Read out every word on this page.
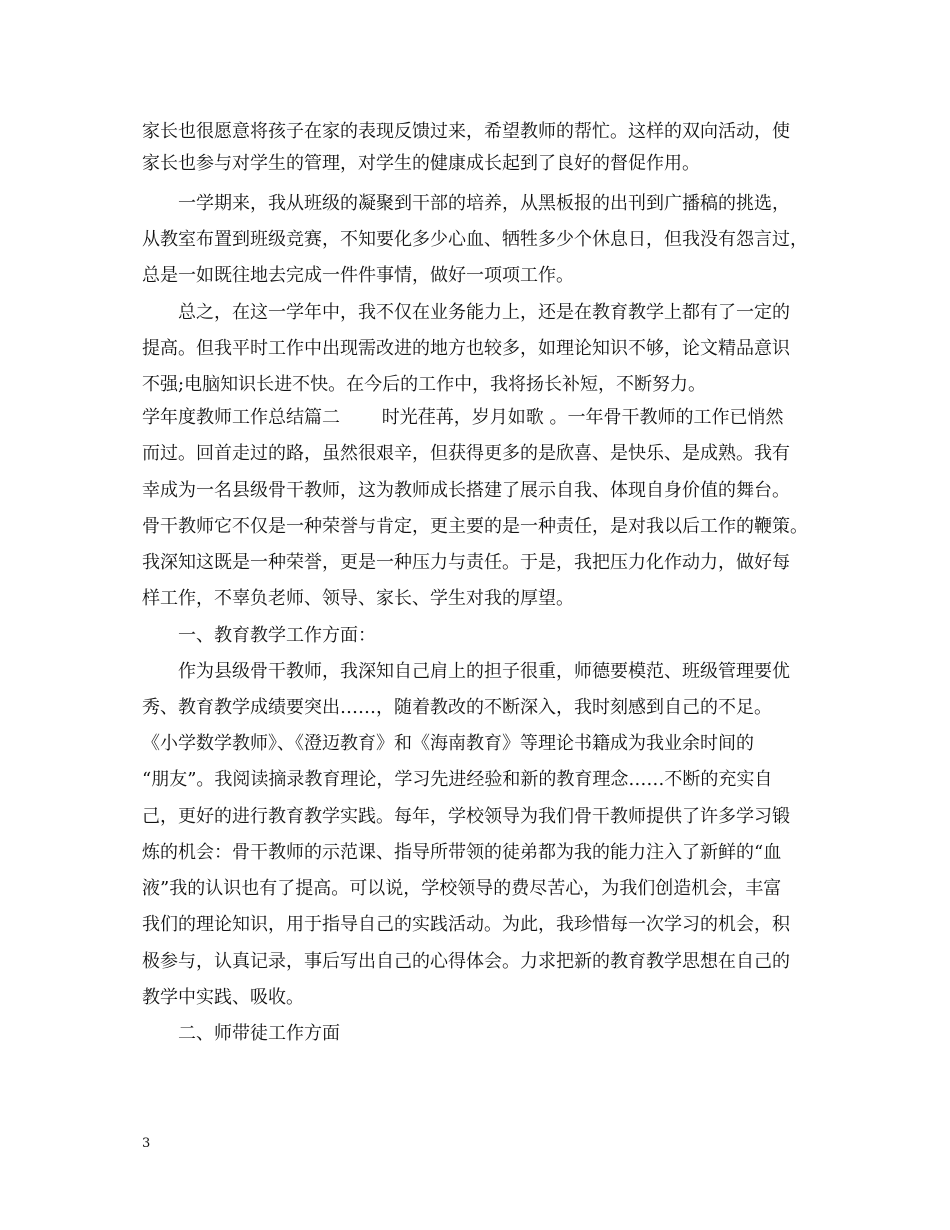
家长也很愿意将孩子在家的表现反馈过来，希望教师的帮忙。这样的双向活动，使
家长也参与对学生的管理，对学生的健康成长起到了良好的督促作用。
一学期来，我从班级的凝聚到干部的培养，从黑板报的出刊到广播稿的挑选，
从教室布置到班级竞赛，不知要化多少心血、牺牲多少个休息日，但我没有怨言过，
总是一如既往地去完成一件件事情，做好一项项工作。
总之，在这一学年中，我不仅在业务能力上，还是在教育教学上都有了一定的
提高。但我平时工作中出现需改进的地方也较多，如理论知识不够，论文精品意识
不强;电脑知识长进不快。在今后的工作中，我将扬长补短，不断努力。
学年度教师工作总结篇二 　　时光荏苒，岁月如歌 。一年骨干教师的工作已悄然
而过。回首走过的路，虽然很艰辛，但获得更多的是欣喜、是快乐、是成熟。我有
幸成为一名县级骨干教师，这为教师成长搭建了展示自我、体现自身价值的舞台。
骨干教师它不仅是一种荣誉与肯定，更主要的是一种责任，是对我以后工作的鞭策。
我深知这既是一种荣誉，更是一种压力与责任。于是，我把压力化作动力，做好每
样工作，不辜负老师、领导、家长、学生对我的厚望。
一、教育教学工作方面：
作为县级骨干教师，我深知自己肩上的担子很重，师德要模范、班级管理要优
秀、教育教学成绩要突出……，随着教改的不断深入，我时刻感到自己的不足。
《小学数学教师》、《澄迈教育》和《海南教育》等理论书籍成为我业余时间的
“朋友”。我阅读摘录教育理论，学习先进经验和新的教育理念……不断的充实自
己，更好的进行教育教学实践。每年，学校领导为我们骨干教师提供了许多学习锻
炼的机会：骨干教师的示范课、指导所带领的徒弟都为我的能力注入了新鲜的“血
液”我的认识也有了提高。可以说，学校领导的费尽苦心，为我们创造机会，丰富
我们的理论知识，用于指导自己的实践活动。为此，我珍惜每一次学习的机会，积
极参与，认真记录，事后写出自己的心得体会。力求把新的教育教学思想在自己的
教学中实践、吸收。
二、师带徒工作方面
3
